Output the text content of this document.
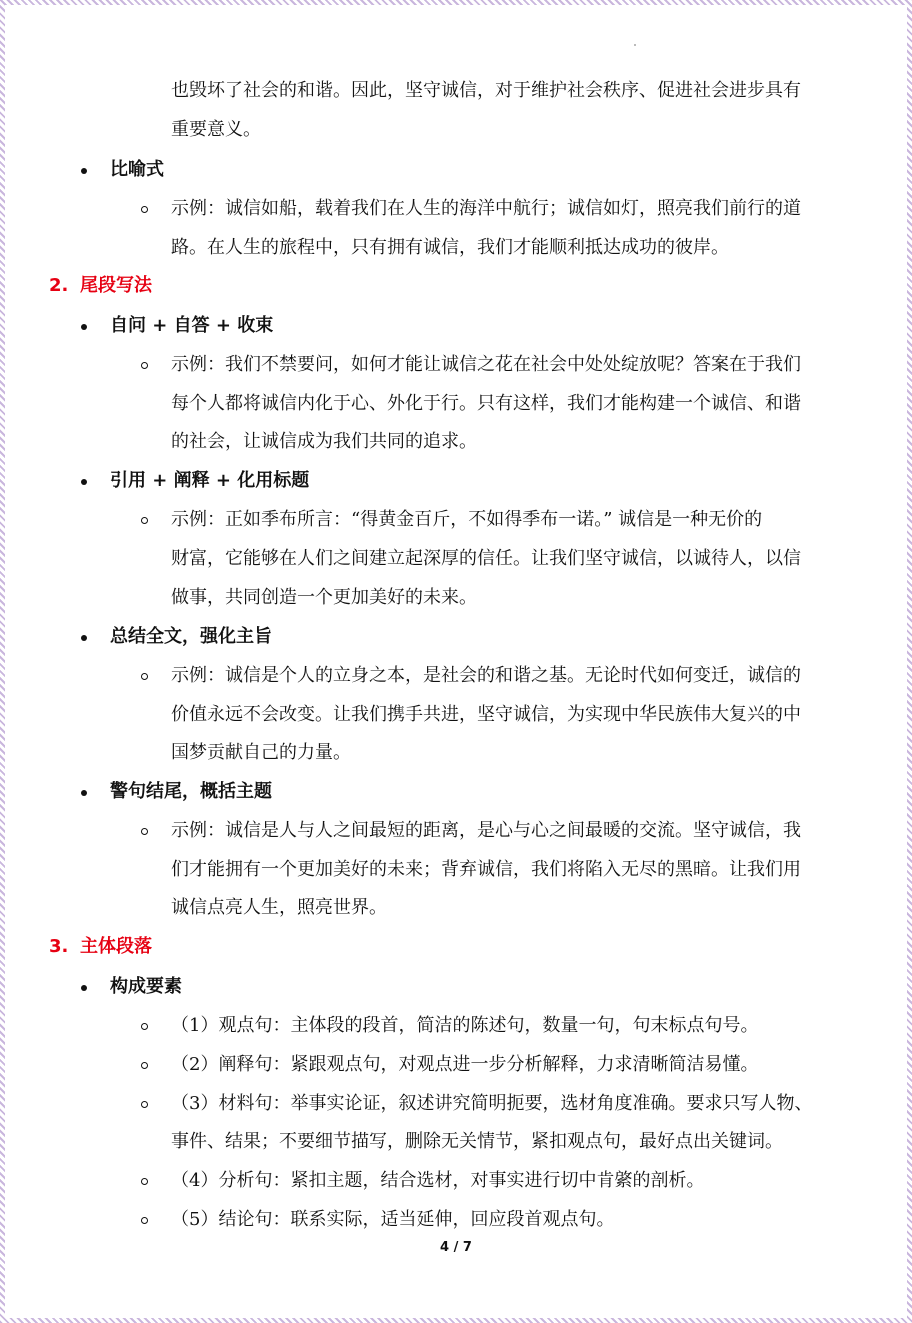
也毁坏了社会的和谐。因此，坚守诚信，对于维护社会秩序、促进社会进步具有
重要意义。
比喻式
示例：诚信如船，载着我们在人生的海洋中航行；诚信如灯，照亮我们前行的道
路。在人生的旅程中，只有拥有诚信，我们才能顺利抵达成功的彼岸。
2. 尾段写法
自问 + 自答 + 收束
示例：我们不禁要问，如何才能让诚信之花在社会中处处绽放呢？答案在于我们
每个人都将诚信内化于心、外化于行。只有这样，我们才能构建一个诚信、和谐
的社会，让诚信成为我们共同的追求。
引用 + 阐释 + 化用标题
示例：正如季布所言：“得黄金百斤，不如得季布一诺。” 诚信是一种无价的
财富，它能够在人们之间建立起深厚的信任。让我们坚守诚信，以诚待人，以信
做事，共同创造一个更加美好的未来。
总结全文，强化主旨
示例：诚信是个人的立身之本，是社会的和谐之基。无论时代如何变迁，诚信的
价值永远不会改变。让我们携手共进，坚守诚信，为实现中华民族伟大复兴的中
国梦贡献自己的力量。
警句结尾，概括主题
示例：诚信是人与人之间最短的距离，是心与心之间最暖的交流。坚守诚信，我
们才能拥有一个更加美好的未来；背弃诚信，我们将陷入无尽的黑暗。让我们用
诚信点亮人生，照亮世界。
3. 主体段落
构成要素
（1）观点句：主体段的段首，简洁的陈述句，数量一句，句末标点句号。
（2）阐释句：紧跟观点句，对观点进一步分析解释，力求清晰简洁易懂。
（3）材料句：举事实论证，叙述讲究简明扼要，选材角度准确。要求只写人物、
事件、结果；不要细节描写，删除无关情节，紧扣观点句，最好点出关键词。
（4）分析句：紧扣主题，结合选材，对事实进行切中肯綮的剖析。
（5）结论句：联系实际，适当延伸，回应段首观点句。
4 / 7
